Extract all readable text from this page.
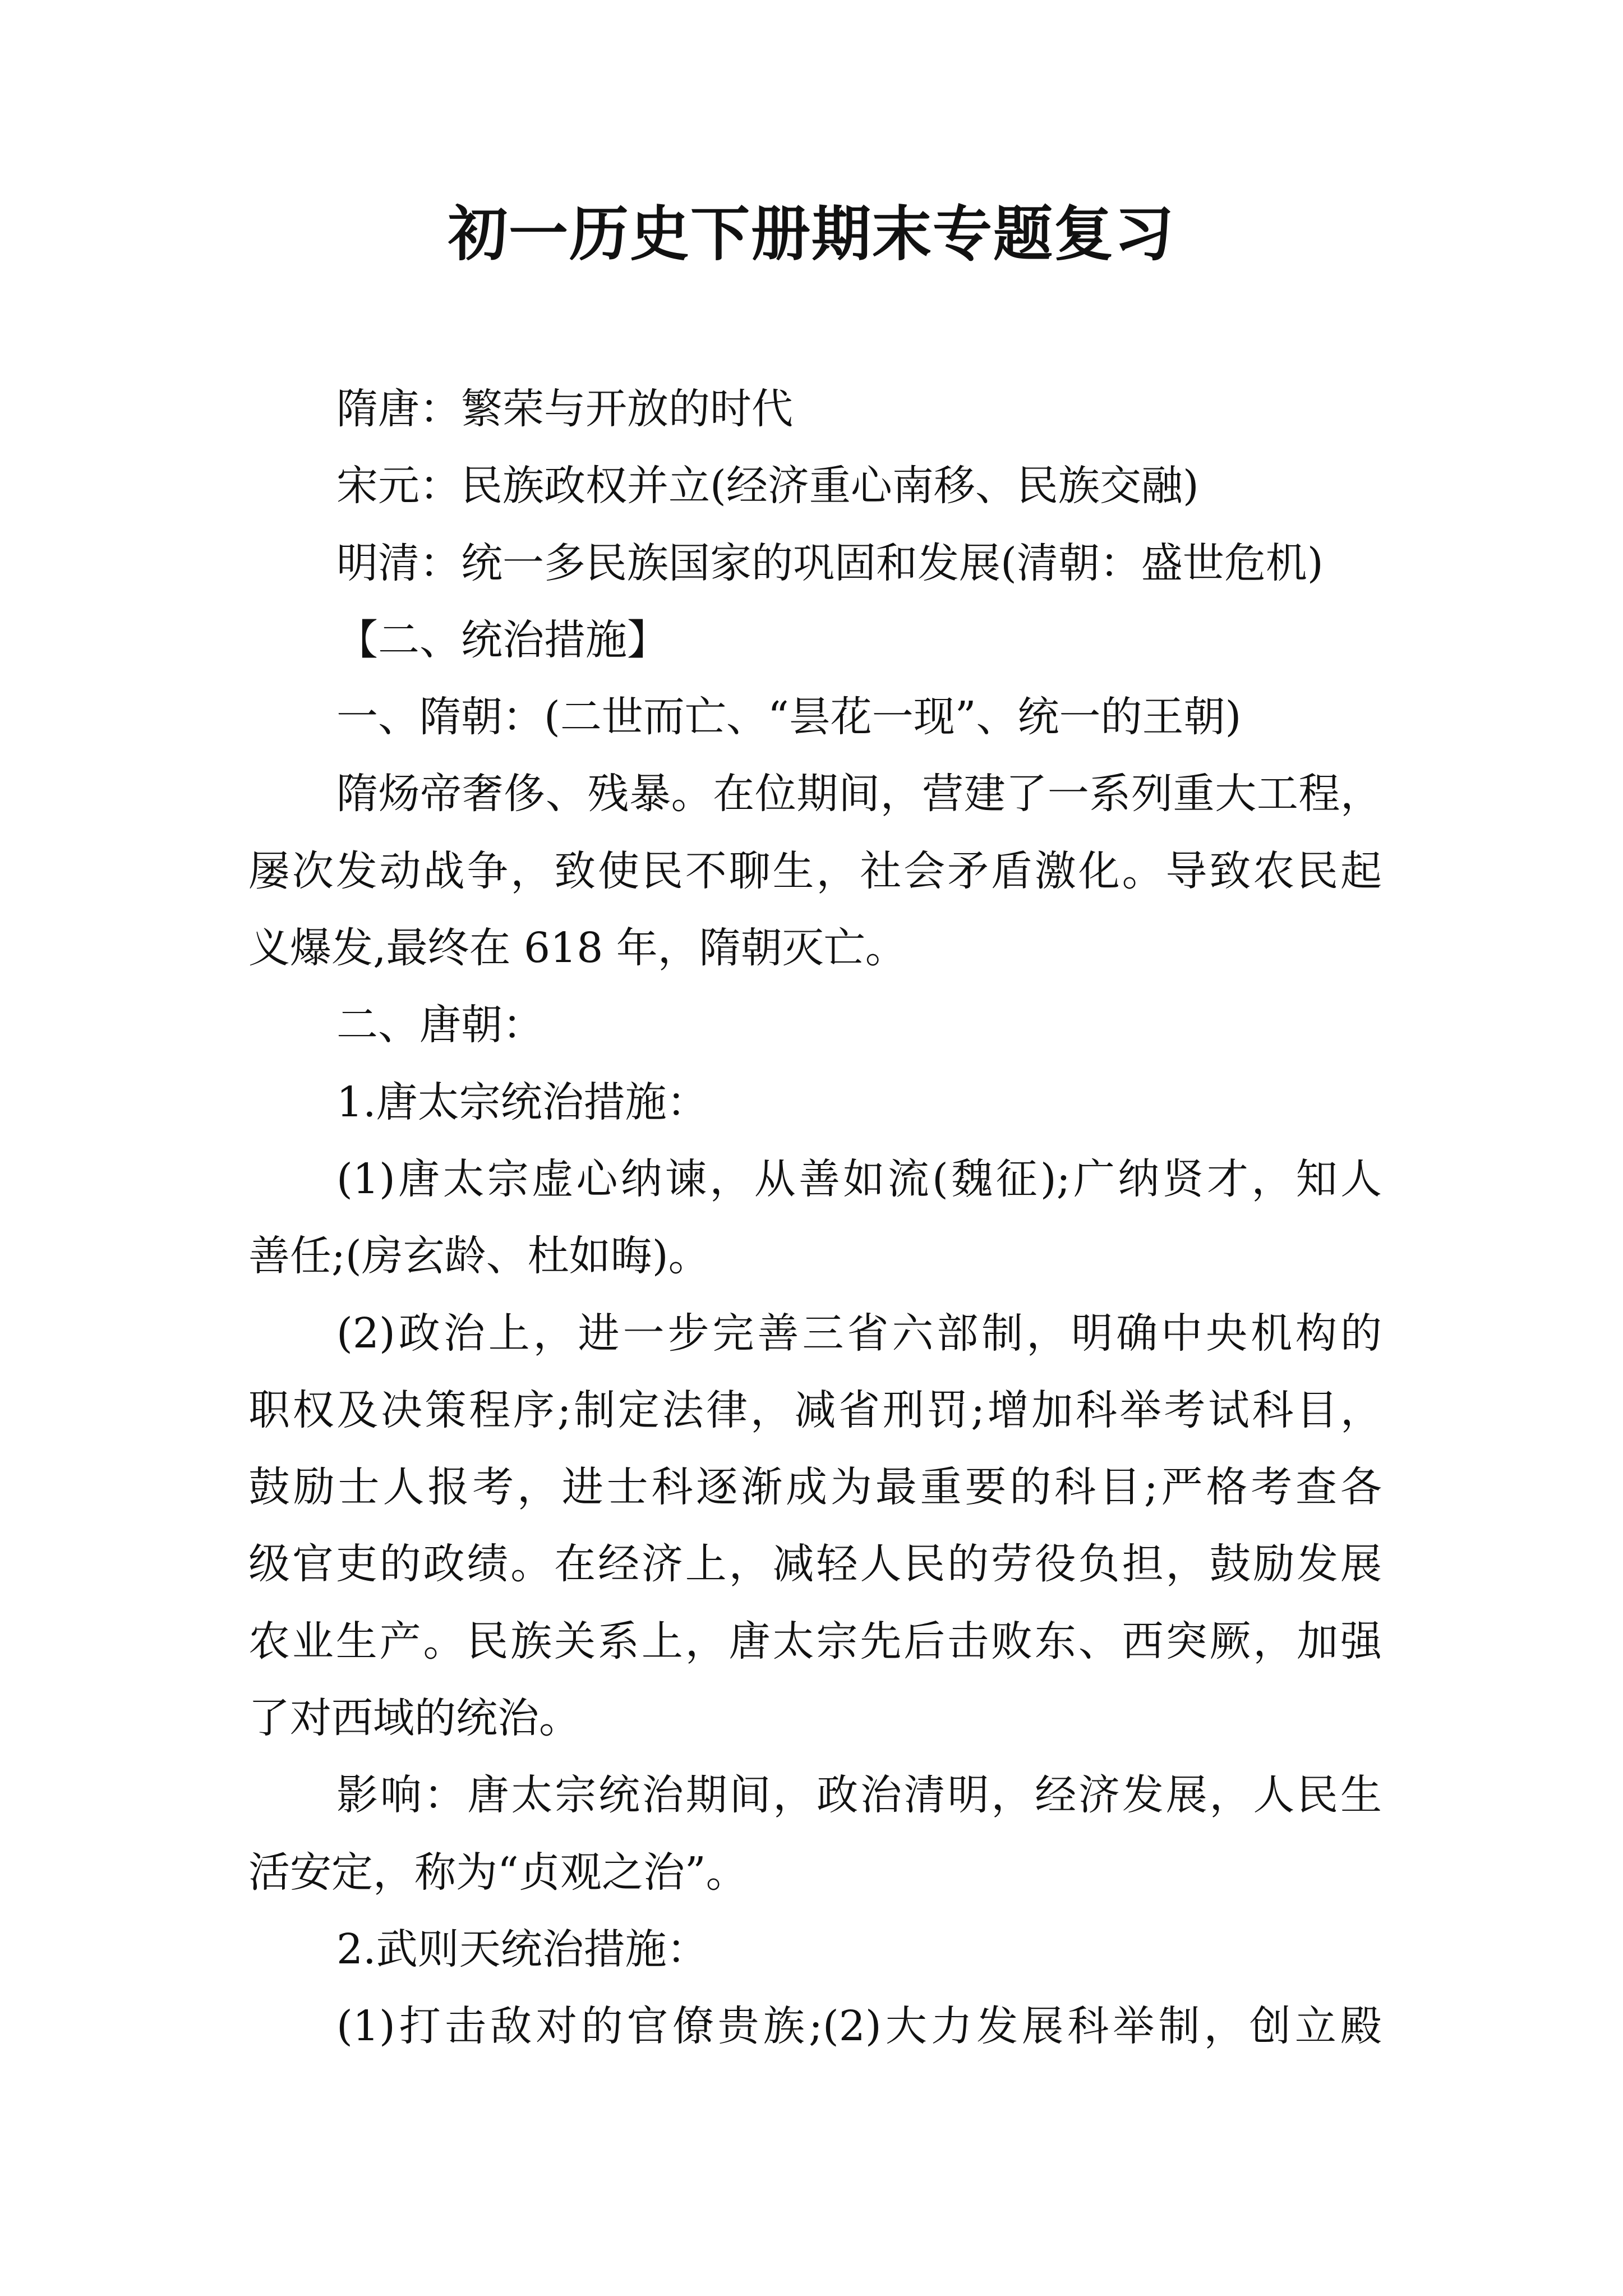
初一历史下册期末专题复习
隋唐：繁荣与开放的时代
宋元：民族政权并立(经济重心南移、民族交融)
明清：统一多民族国家的巩固和发展(清朝：盛世危机)
【二、统治措施】
一、隋朝：(二世而亡、“昙花一现”、统一的王朝)
隋炀帝奢侈、残暴。在位期间，营建了一系列重大工程，
屡次发动战争，致使民不聊生，社会矛盾激化。导致农民起
义爆发,最终在 618 年，隋朝灭亡。
二、唐朝：
1.唐太宗统治措施：
(1)唐太宗虚心纳谏，从善如流(魏征);广纳贤才，知人
善任;(房玄龄、杜如晦)。
(2)政治上，进一步完善三省六部制，明确中央机构的
职权及决策程序;制定法律，减省刑罚;增加科举考试科目，
鼓励士人报考，进士科逐渐成为最重要的科目;严格考查各
级官吏的政绩。在经济上，减轻人民的劳役负担，鼓励发展
农业生产。民族关系上，唐太宗先后击败东、西突厥，加强
了对西域的统治。
影响：唐太宗统治期间，政治清明，经济发展，人民生
活安定，称为“贞观之治”。
2.武则天统治措施：
(1)打击敌对的官僚贵族;(2)大力发展科举制，创立殿
